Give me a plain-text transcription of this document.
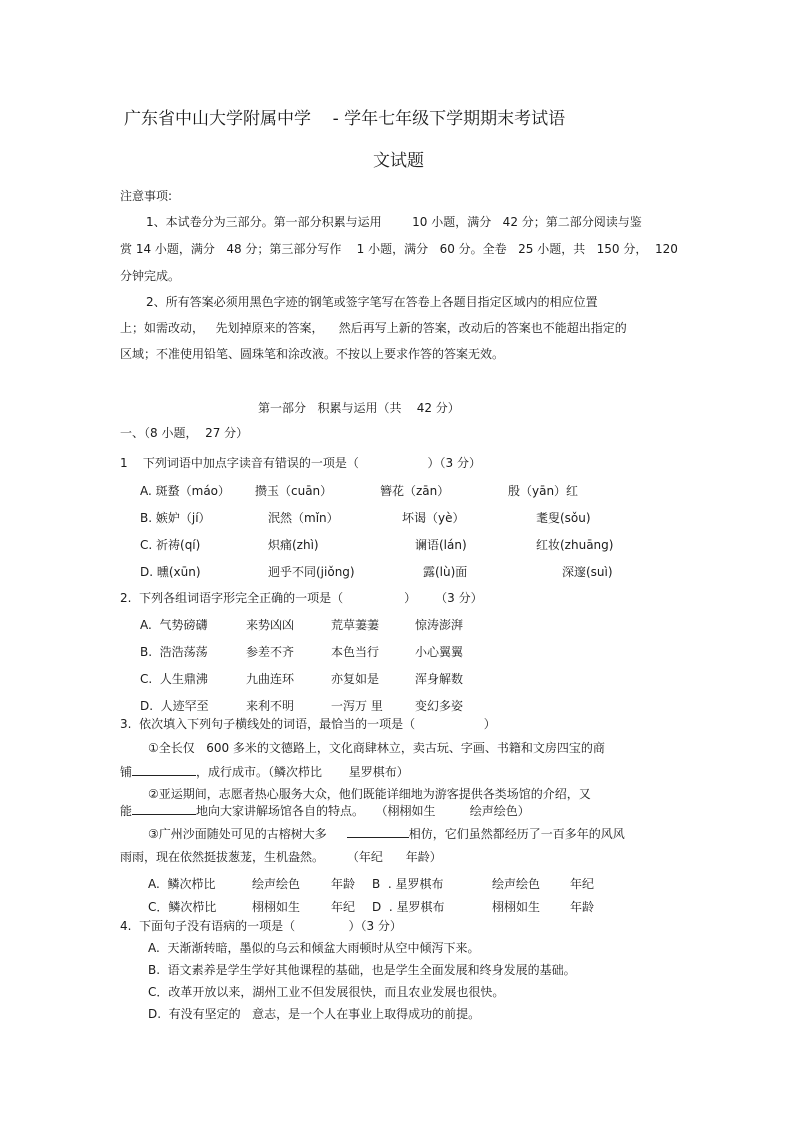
广东省中山大学附属中学    - 学年七年级下学期期末考试语
文试题
注意事项:
1、本试卷分为三部分。第一部分积累与运用        10 小题，满分   42 分；第二部分阅读与鉴
赏 14 小题，满分   48 分；第三部分写作    1 小题，满分   60 分。全卷   25 小题，共   150 分，  120
分钟完成。
2、所有答案必须用黑色字迹的钢笔或签字笔写在答卷上各题目指定区域内的相应位置
上；如需改动，   先划掉原来的答案，    然后再写上新的答案，改动后的答案也不能超出指定的
区域；不准使用铅笔、圆珠笔和涂改液。不按以上要求作答的答案无效。
第一部分   积累与运用（共    42 分）
一、（8 小题，  27 分）
1    下列词语中加点字读音有错误的一项是（                  ）（3 分）
A. 斑蝥（máo） 攒玉（cuān）	簪花（zān）	殷（yān）红
B. 嫉妒（jí）	泯然（mǐn）	坏谒（yè）	耄叟(sǒu)
C. 祈祷(qí)	炽痛(zhì)	谰语(lán)	红妆(zhuāng)
D. 曛(xūn)	迥乎不同(jiǒng)	露(lù)面	深邃(suì)
2.  下列各组词语字形完全正确的一项是（                ）     （3 分）
A.  气势磅礴	来势凶凶	荒草萋萋	惊涛澎湃
B.  浩浩荡荡	参差不齐	本色当行	小心翼翼
C.  人生鼎沸	九曲连环	亦复如是	浑身解数
D.  人迹罕至	来利不明	一泻万 里	变幻多姿
3.  依次填入下列句子横线处的词语，最恰当的一项是（                  ）
①全长仅   600 多米的文德路上，文化商肆林立，卖古玩、字画、书籍和文房四宝的商
铺	，成行成市。（鳞次栉比       星罗棋布）
②亚运期间，志愿者热心服务大众，他们既能详细地为游客提供各类场馆的介绍，又
能	地向大家讲解场馆各自的特点。   （栩栩如生         绘声绘色）
③广州沙面随处可见的古榕树大多	相仿，它们虽然都经历了一百多年的风风
雨雨，现在依然挺拔葱茏，生机盎然。      （年纪      年龄）
A.  鳞次栉比	绘声绘色	年龄 B  . 星罗棋布	绘声绘色 年纪
C．鳞次栉比	栩栩如生	年纪 D  . 星罗棋布	栩栩如生 年龄
4.  下面句子没有语病的一项是（              ）（3 分）
A.  天渐渐转暗，墨似的乌云和倾盆大雨顿时从空中倾泻下来。
B.  语文素养是学生学好其他课程的基础，也是学生全面发展和终身发展的基础。
C．改革开放以来，湖州工业不但发展很快，而且农业发展也很快。
D.  有没有坚定的   意志，是一个人在事业上取得成功的前提。
